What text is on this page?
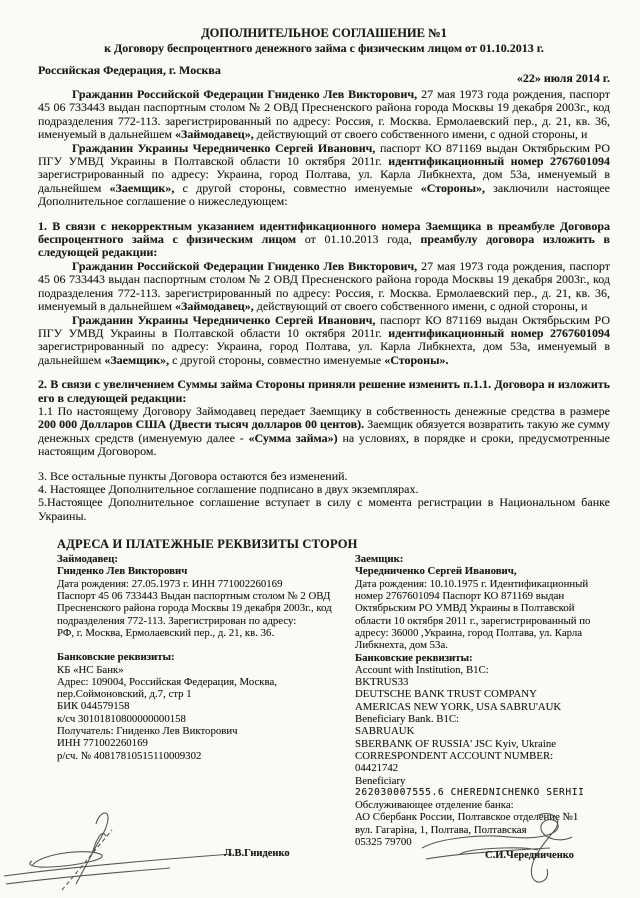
ДОПОЛНИТЕЛЬНОЕ СОГЛАШЕНИЕ №1
к Договору беспроцентного денежного займа с физическим лицом от 01.10.2013 г.
Российская Федерация, г. Москва
«22» июля 2014 г.

Гражданин Российской Федерации Гниденко Лев Викторович, 27 мая 1973 года рождения, паспорт 45 06 733443 выдан паспортным столом № 2 ОВД Пресненского района города Москвы 19 декабря 2003г., код подразделения 772-113. зарегистрированный по адресу: Россия, г. Москва. Ермолаевский пер., д. 21, кв. 36, именуемый в дальнейшем «Займодавец», действующий от своего собственного имени, с одной стороны, и

Гражданин Украины Чередниченко Сергей Иванович, паспорт КО 871169 выдан Октябрьским РО ПГУ УМВД Украины в Полтавской области 10 октября 2011г. идентификационный номер 2767601094 зарегистрированный по адресу: Украина, город Полтава, ул. Карла Либкнехта, дом 53а, именуемый в дальнейшем «Заемщик», с другой стороны, совместно именуемые «Стороны», заключили настоящее Дополнительное соглашение о нижеследующем:

1. В связи с некорректным указанием идентификационного номера Заемщика в преамбуле Договора беспроцентного займа с физическим лицом от 01.10.2013 года, преамбулу договора изложить в следующей редакции:

Гражданин Российской Федерации Гниденко Лев Викторович, 27 мая 1973 года рождения, паспорт 45 06 733443 выдан паспортным столом № 2 ОВД Пресненского района города Москвы 19 декабря 2003г., код подразделения 772-113. зарегистрированный по адресу: Россия, г. Москва. Ермолаевский пер., д. 21, кв. 36, именуемый в дальнейшем «Займодавец», действующий от своего собственного имени, с одной стороны, и

Гражданин Украины Чередниченко Сергей Иванович, паспорт КО 871169 выдан Октябрьским РО ПГУ УМВД Украины в Полтавской области 10 октября 2011г. идентификационный номер 2767601094 зарегистрированный по адресу: Украина, город Полтава, ул. Карла Либкнехта, дом 53а, именуемый в дальнейшем «Заемщик», с другой стороны, совместно именуемые «Стороны».

2. В связи с увеличением Суммы займа Стороны приняли решение изменить п.1.1. Договора и изложить его в следующей редакции:

1.1 По настоящему Договору Займодавец передает Заемщику в собственность денежные средства в размере 200 000 Долларов США (Двести тысяч долларов 00 центов). Заемщик обязуется возвратить такую же сумму денежных средств (именуемую далее - «Сумма займа») на условиях, в порядке и сроки, предусмотренные настоящим Договором.

3. Все остальные пункты Договора остаются без изменений.

4. Настоящее Дополнительное соглашение подписано в двух экземплярах.

5.Настоящее Дополнительное соглашение вступает в силу с момента регистрации в Национальном банке Украины.

АДРЕСА И ПЛАТЕЖНЫЕ РЕКВИЗИТЫ СТОРОН
Займодавец:
Гниденко Лев Викторович
Дата рождения: 27.05.1973 г. ИНН 771002260169
Паспорт 45 06 733443 Выдан паспортным столом № 2 ОВД
Пресненского района города Москвы 19 декабря 2003г., код
подразделения 772-113. Зарегистрирован по адресу:
РФ, г. Москва, Ермолаевский пер., д. 21, кв. 36.
Банковские реквизиты:
КБ «НС Банк»
Адрес: 109004, Российская Федерация, Москва,
пер.Соймоновский, д.7, стр 1
БИК 044579158
к/сч 30101810800000000158
Получатель: Гниденко Лев Викторович
ИНН 771002260169
р/сч. № 40817810515110009302
Заемщик:
Чередниченко Сергей Иванович,
Дата рождения: 10.10.1975 г. Идентификационный
номер 2767601094 Паспорт КО 871169 выдан
Октябрьским РО УМВД Украины в Полтавской
области 10 октября 2011 г., зарегистрированный по
адресу: 36000 ,Украина, город Полтава, ул. Карла
Либкнехта, дом 53а.
Банковские реквизиты:
Account with Institution, B1C:
BKTRUS33
DEUTSCHE BANK TRUST COMPANY
AMERICAS NEW YORK, USA SABRU'AUK
Beneficiary Bank. B1C:
SABRUAUK
SBERBANK OF RUSSIA' JSC Kyiv, Ukraine
CORRESPONDENT ACCOUNT NUMBER:
04421742
Beneficiary
262030007555.6 CHEREDNICHENKO SERHII
Обслуживающее отделение банка:
АО Сбербанк России, Полтавское отделение №1
вул. Гагаріна, 1, Полтава, Полтавская
05325 79700
Л.В.Гниденко	С.И.Чередниченко
